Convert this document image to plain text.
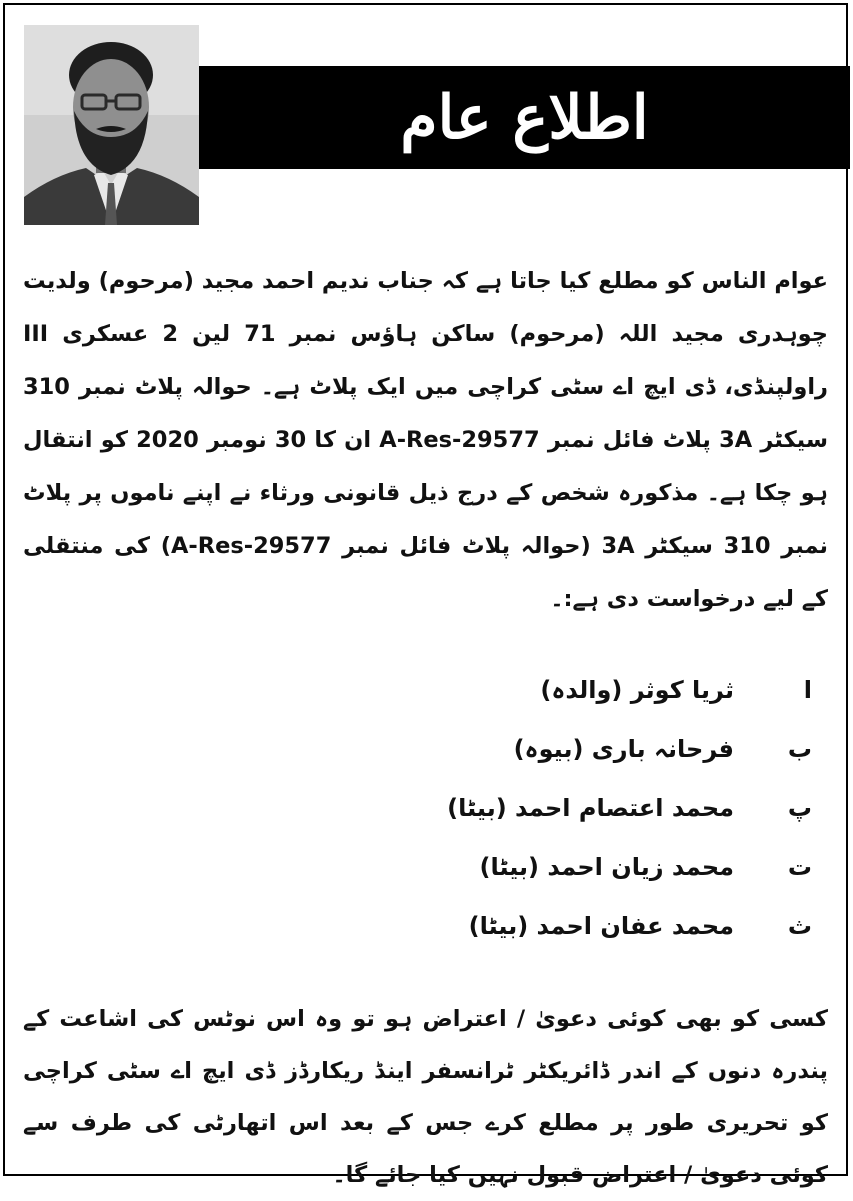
اطلاع عام

عوام الناس کو مطلع کیا جاتا ہے کہ جناب ندیم احمد مجید (مرحوم) ولدیت چوہدری مجید اللہ (مرحوم) ساکن ہاؤس نمبر 71 لین 2 عسکری III راولپنڈی، ڈی ایچ اے سٹی کراچی میں ایک پلاٹ ہے۔ حوالہ پلاٹ نمبر 310 سیکٹر 3A پلاٹ فائل نمبر A-Res-29577 ان کا 30 نومبر 2020 کو انتقال ہو چکا ہے۔ مذکورہ شخص کے درج ذیل قانونی ورثاء نے اپنے ناموں پر پلاٹ نمبر 310 سیکٹر 3A (حوالہ پلاٹ فائل نمبر A-Res-29577) کی منتقلی کے لیے درخواست دی ہے:۔

ا
ثریا کوثر (والدہ)
ب
فرحانہ باری (بیوہ)
پ
محمد اعتصام احمد (بیٹا)
ت
محمد زیان احمد (بیٹا)
ث
محمد عفان احمد (بیٹا)

کسی کو بھی کوئی دعویٰ / اعتراض ہو تو وہ اس نوٹس کی اشاعت کے پندرہ دنوں کے اندر ڈائریکٹر ٹرانسفر اینڈ ریکارڈز ڈی ایچ اے سٹی کراچی کو تحریری طور پر مطلع کرے جس کے بعد اس اتھارٹی کی طرف سے کوئی دعویٰ / اعتراض قبول نہیں کیا جائے گا۔
